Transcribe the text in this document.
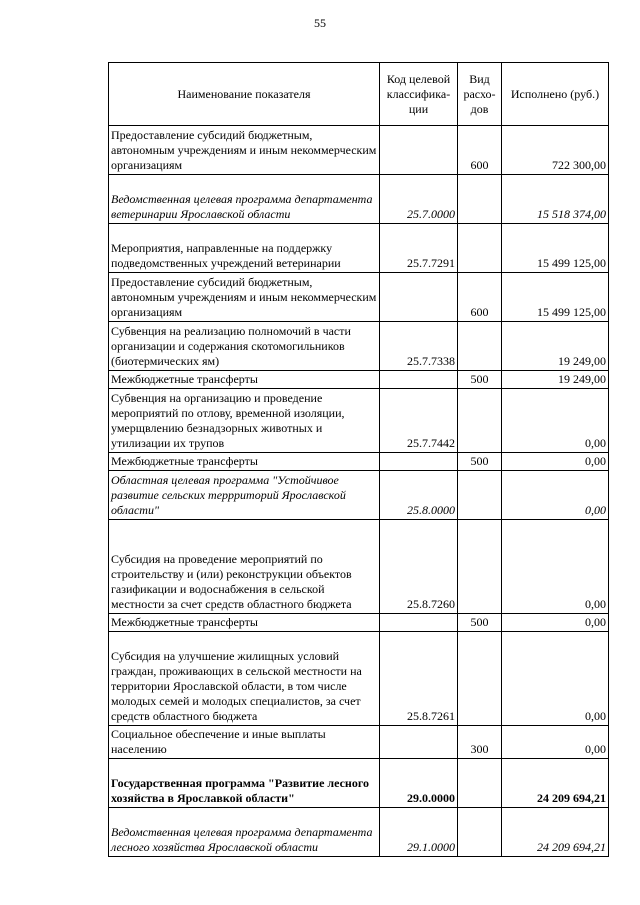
55
Наименование показателя	Код целевой классифика-ции	Вид расхо-дов	Исполнено (руб.)
Предоставление субсидий бюджетным, автономным учреждениям и иным некоммерческим организациям		600	722 300,00
Ведомственная целевая программа департамента ветеринарии Ярославской области	25.7.0000		15 518 374,00
Мероприятия, направленные на поддержку подведомственных учреждений ветеринарии	25.7.7291		15 499 125,00
Предоставление субсидий бюджетным, автономным учреждениям и иным некоммерческим организациям		600	15 499 125,00
Субвенция на реализацию полномочий в части организации и содержания скотомогильников (биотермических ям)	25.7.7338		19 249,00
Межбюджетные трансферты		500	19 249,00
Субвенция на организацию и проведение мероприятий по отлову, временной изоляции, умерщвлению безнадзорных животных и утилизации их трупов	25.7.7442		0,00
Межбюджетные трансферты		500	0,00
Областная целевая программа "Устойчивое развитие сельских терpриторий Ярославской области"	25.8.0000		0,00
Субсидия на проведение мероприятий по строительству и (или) реконструкции объектов газификации и водоснабжения в сельской местности за счет средств областного бюджета	25.8.7260		0,00
Межбюджетные трансферты		500	0,00
Субсидия на улучшение жилищных условий граждан, проживающих в сельской местности на территории Ярославской области, в том числе молодых семей и молодых специалистов, за счет средств областного бюджета	25.8.7261		0,00
Социальное обеспечение и иные выплаты населению		300	0,00
Государственная программа "Развитие лесного хозяйства в Ярославкой области"	29.0.0000		24 209 694,21
Ведомственная целевая программа департамента лесного хозяйства Ярославской области	29.1.0000		24 209 694,21
